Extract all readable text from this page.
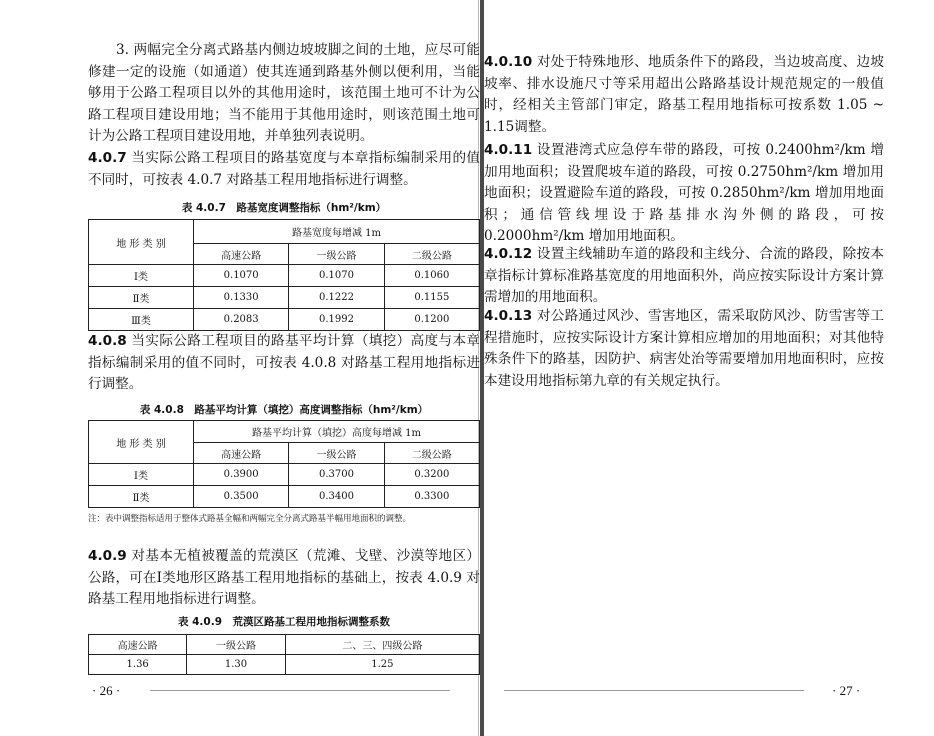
3. 两幅完全分离式路基内侧边坡坡脚之间的土地，应尽可能修建一定的设施（如通道）使其连通到路基外侧以便利用，当能够用于公路工程项目以外的其他用途时，该范围土地可不计为公路工程项目建设用地；当不能用于其他用途时，则该范围土地可计为公路工程项目建设用地，并单独列表说明。
4.0.7 当实际公路工程项目的路基宽度与本章指标编制采用的值不同时，可按表 4.0.7 对路基工程用地指标进行调整。
表 4.0.7　路基宽度调整指标（hm²/km）
地 形 类 别	路基宽度每增减 1m		
	高速公路	一级公路	二级公路
Ⅰ类	0.1070	0.1070	0.1060
Ⅱ类	0.1330	0.1222	0.1155
Ⅲ类	0.2083	0.1992	0.1200
4.0.8 当实际公路工程项目的路基平均计算（填挖）高度与本章指标编制采用的值不同时，可按表 4.0.8 对路基工程用地指标进行调整。
表 4.0.8　路基平均计算（填挖）高度调整指标（hm²/km）
地 形 类 别	路基平均计算（填挖）高度每增减 1m		
	高速公路	一级公路	二级公路
Ⅰ类	0.3900	0.3700	0.3200
Ⅱ类	0.3500	0.3400	0.3300
注：表中调整指标适用于整体式路基全幅和两幅完全分离式路基半幅用地面积的调整。
4.0.9 对基本无植被覆盖的荒漠区（荒滩、戈壁、沙漠等地区）公路，可在Ⅰ类地形区路基工程用地指标的基础上，按表 4.0.9 对路基工程用地指标进行调整。
表 4.0.9　荒漠区路基工程用地指标调整系数
高速公路	一级公路	二、三、四级公路
1.36	1.30	1.25
· 26 ·
4.0.10 对处于特殊地形、地质条件下的路段，当边坡高度、边坡坡率、排水设施尺寸等采用超出公路路基设计规范规定的一般值时，经相关主管部门审定，路基工程用地指标可按系数 1.05 ~ 1.15调整。
4.0.11 设置港湾式应急停车带的路段，可按 0.2400hm²/km 增加用地面积；设置爬坡车道的路段，可按 0.2750hm²/km 增加用地面积；设置避险车道的路段，可按 0.2850hm²/km 增加用地面积；通信管线埋设于路基排水沟外侧的路段，可按 0.2000hm²/km 增加用地面积。
4.0.12 设置主线辅助车道的路段和主线分、合流的路段，除按本章指标计算标准路基宽度的用地面积外，尚应按实际设计方案计算需增加的用地面积。
4.0.13 对公路通过风沙、雪害地区，需采取防风沙、防雪害等工程措施时，应按实际设计方案计算相应增加的用地面积；对其他特殊条件下的路基，因防护、病害处治等需要增加用地面积时，应按本建设用地指标第九章的有关规定执行。
· 27 ·
